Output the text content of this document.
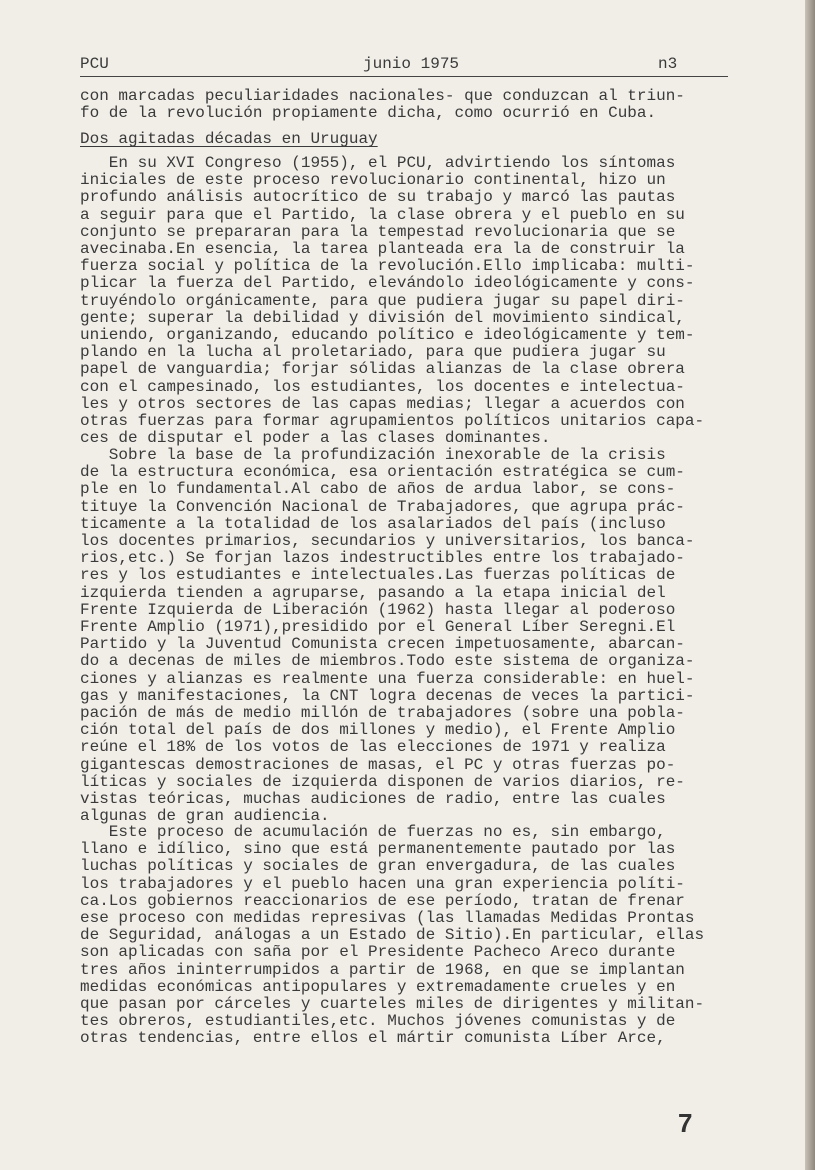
PCU	junio 1975	n3
con marcadas peculiaridades nacionales- que conduzcan al triun-
fo de la revolución propiamente dicha, como ocurrió en Cuba.
Dos agitadas décadas en Uruguay
En su XVI Congreso (1955), el PCU, advirtiendo los síntomas
iniciales de este proceso revolucionario continental, hizo un
profundo análisis autocrítico de su trabajo y marcó las pautas
a seguir para que el Partido, la clase obrera y el pueblo en su
conjunto se prepararan para la tempestad revolucionaria que se
avecinaba.En esencia, la tarea planteada era la de construir la
fuerza social y política de la revolución.Ello implicaba: multi-
plicar la fuerza del Partido, elevándolo ideológicamente y cons-
truyéndolo orgánicamente, para que pudiera jugar su papel diri-
gente; superar la debilidad y división del movimiento sindical,
uniendo, organizando, educando político e ideológicamente y tem-
plando en la lucha al proletariado, para que pudiera jugar su
papel de vanguardia; forjar sólidas alianzas de la clase obrera
con el campesinado, los estudiantes, los docentes e intelectua-
les y otros sectores de las capas medias; llegar a acuerdos con
otras fuerzas para formar agrupamientos políticos unitarios capa-
ces de disputar el poder a las clases dominantes.
Sobre la base de la profundización inexorable de la crisis
de la estructura económica, esa orientación estratégica se cum-
ple en lo fundamental.Al cabo de años de ardua labor, se cons-
tituye la Convención Nacional de Trabajadores, que agrupa prác-
ticamente a la totalidad de los asalariados del país (incluso
los docentes primarios, secundarios y universitarios, los banca-
rios,etc.) Se forjan lazos indestructibles entre los trabajado-
res y los estudiantes e intelectuales.Las fuerzas políticas de
izquierda tienden a agruparse, pasando a la etapa inicial del
Frente Izquierda de Liberación (1962) hasta llegar al poderoso
Frente Amplio (1971),presidido por el General Líber Seregni.El
Partido y la Juventud Comunista crecen impetuosamente, abarcan-
do a decenas de miles de miembros.Todo este sistema de organiza-
ciones y alianzas es realmente una fuerza considerable: en huel-
gas y manifestaciones, la CNT logra decenas de veces la partici-
pación de más de medio millón de trabajadores (sobre una pobla-
ción total del país de dos millones y medio), el Frente Amplio
reúne el 18% de los votos de las elecciones de 1971 y realiza
gigantescas demostraciones de masas, el PC y otras fuerzas po-
líticas y sociales de izquierda disponen de varios diarios, re-
vistas teóricas, muchas audiciones de radio, entre las cuales
algunas de gran audiencia.
Este proceso de acumulación de fuerzas no es, sin embargo,
llano e idílico, sino que está permanentemente pautado por las
luchas políticas y sociales de gran envergadura, de las cuales
los trabajadores y el pueblo hacen una gran experiencia políti-
ca.Los gobiernos reaccionarios de ese período, tratan de frenar
ese proceso con medidas represivas (las llamadas Medidas Prontas
de Seguridad, análogas a un Estado de Sitio).En particular, ellas
son aplicadas con saña por el Presidente Pacheco Areco durante
tres años ininterrumpidos a partir de 1968, en que se implantan
medidas económicas antipopulares y extremadamente crueles y en
que pasan por cárceles y cuarteles miles de dirigentes y militan-
tes obreros, estudiantiles,etc. Muchos jóvenes comunistas y de
otras tendencias, entre ellos el mártir comunista Líber Arce,
7
